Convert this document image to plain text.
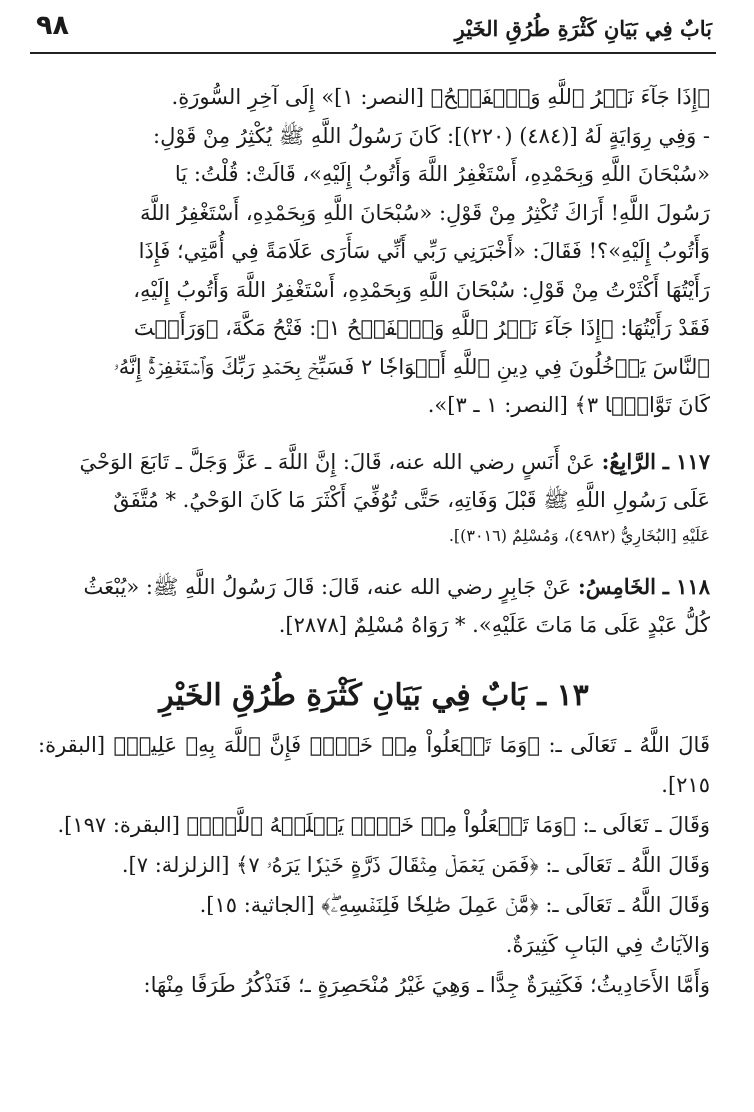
بَابٌ فِي بَيَانِ كَثْرَةِ طُرُقِ الخَيْرِ
٩٨

﴿إِذَا جَآءَ نَصۡرُ ٱللَّهِ وَٱلۡفَتۡحُ﴾ [النصر: ١]» إِلَى آخِرِ السُّورَةِ.

- وَفِي رِوَايَةٍ لَهُ [(٤٨٤) (٢٢٠)]: كَانَ رَسُولُ اللَّهِ ﷺ يُكْثِرُ مِنْ قَوْلِ:
«سُبْحَانَ اللَّهِ وَبِحَمْدِهِ، أَسْتَغْفِرُ اللَّهَ وَأَتُوبُ إِلَيْهِ»، قَالَتْ: قُلْتُ: يَا
رَسُولَ اللَّهِ! أَرَاكَ تُكْثِرُ مِنْ قَوْلِ: «سُبْحَانَ اللَّهِ وَبِحَمْدِهِ، أَسْتَغْفِرُ اللَّهَ
وَأَتُوبُ إِلَيْهِ»؟! فَقَالَ: «أَخْبَرَنِي رَبِّي أَنِّي سَأَرَى عَلَامَةً فِي أُمَّتِي؛ فَإِذَا
رَأَيْتُهَا أَكْثَرْتُ مِنْ قَوْلِ: سُبْحَانَ اللَّهِ وَبِحَمْدِهِ، أَسْتَغْفِرُ اللَّهَ وَأَتُوبُ إِلَيْهِ،
فَقَدْ رَأَيْتُهَا: ﴿إِذَا جَآءَ نَصۡرُ ٱللَّهِ وَٱلۡفَتۡحُ ١﴾: فَتْحُ مَكَّةَ، ﴿وَرَأَيۡتَ
ٱلنَّاسَ يَدۡخُلُونَ فِي دِينِ ٱللَّهِ أَفۡوَاجٗا ٢ فَسَبِّحۡ بِحَمۡدِ رَبِّكَ وَٱسۡتَغۡفِرۡهُۚ إِنَّهُۥ
كَانَ تَوَّابَۢا ٣﴾ [النصر: ١ ـ ٣]».

١١٧ ـ الرَّابِعُ: عَنْ أَنَسٍ رضي الله عنه، قَالَ: إِنَّ اللَّهَ ـ عَزَّ وَجَلَّ ـ تَابَعَ الوَحْيَ
عَلَى رَسُولِ اللَّهِ ﷺ قَبْلَ وَفَاتِهِ، حَتَّى تُوُفِّيَ أَكْثَرَ مَا كَانَ الوَحْيُ. * مُتَّفَقٌ
عَلَيْهِ [البُخَارِيُّ (٤٩٨٢)، وَمُسْلِمٌ (٣٠١٦)].

١١٨ ـ الخَامِسُ: عَنْ جَابِرٍ رضي الله عنه، قَالَ: قَالَ رَسُولُ اللَّهِ ﷺ: «يُبْعَثُ
كُلُّ عَبْدٍ عَلَى مَا مَاتَ عَلَيْهِ». * رَوَاهُ مُسْلِمٌ [٢٨٧٨].

١٣ ـ بَابٌ فِي بَيَانِ كَثْرَةِ طُرُقِ الخَيْرِ

قَالَ اللَّهُ ـ تَعَالَى ـ: ﴿وَمَا تَفۡعَلُواْ مِنۡ خَيۡرٖ فَإِنَّ ٱللَّهَ بِهِۦ عَلِيمٞ﴾ [البقرة: ٢١٥].
وَقَالَ ـ تَعَالَى ـ: ﴿وَمَا تَفۡعَلُواْ مِنۡ خَيۡرٖ يَعۡلَمۡهُ ٱللَّهُۗ﴾ [البقرة: ١٩٧].
وَقَالَ اللَّهُ ـ تَعَالَى ـ: ﴿فَمَن يَعۡمَلۡ مِثۡقَالَ ذَرَّةٍ خَيۡرٗا يَرَهُۥ ٧﴾ [الزلزلة: ٧].
وَقَالَ اللَّهُ ـ تَعَالَى ـ: ﴿مَّنۡ عَمِلَ صَٰلِحٗا فَلِنَفۡسِهِۦۖ﴾ [الجاثية: ١٥].
وَالآيَاتُ فِي البَابِ كَثِيرَةٌ.
وَأَمَّا الأَحَادِيثُ؛ فَكَثِيرَةٌ جِدًّا ـ وَهِيَ غَيْرُ مُنْحَصِرَةٍ ـ؛ فَنَذْكُرُ طَرَفًا مِنْهَا:
